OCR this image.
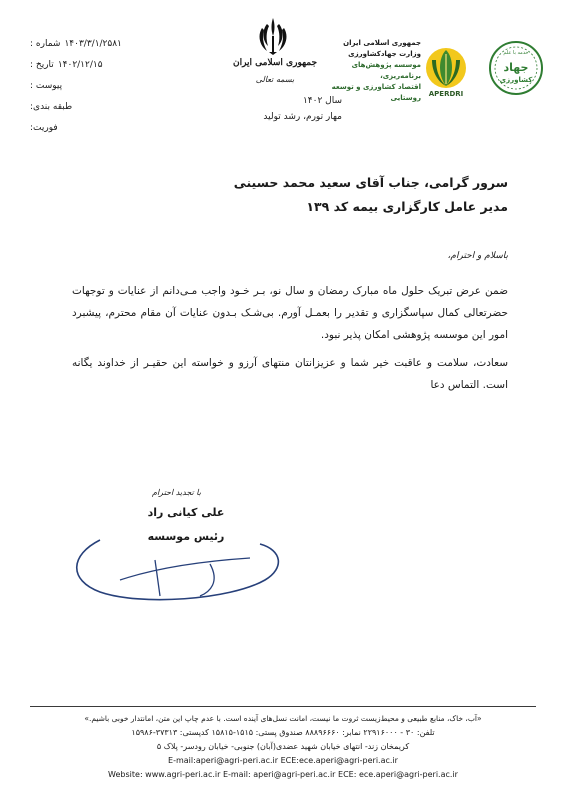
شماره : ۱۴۰۳/۳/۱/۲۵۸۱
تاریخ : ۱۴۰۲/۱۲/۱۵
پیوست :
طبقه بندی:
فوریت:
جمهوری اسلامی ایران
بسمه تعالی
سال ۱۴۰۲
مهار تورم، رشد تولید
جمهوری اسلامی ایران
وزارت جهادکشاورزی
موسسه پژوهش‌های برنامه‌ریزی،
اقتصاد کشاورزی و توسعه روستایی	APERDRI
خدمه با علم
جهاد
کشاورزی
سرور گرامی، جناب آقای سعید محمد حسینی
مدیر عامل کارگزاری بیمه کد ۱۳۹
باسلام و احترام،

ضمن عرض تبریک حلول ماه مبارک رمضان و سال نو، بـر خـود واجب مـی‌دانم از عنایات و توجهات حضرتعالی کمال سپاسگزاری و تقدیر را بعمـل آورم. بی‌شـک بـدون عنایات آن مقام محترم، پیشبرد امور این موسسه پژوهشی امکان پذیر نبود.

سعادت، سلامت و عاقبت خیر شما و عزیزانتان منتهای آرزو و خواسته این حقیـر از خداوند یگانه است. التماس دعا

با تجدید احترام
علی کیانی راد
رئیس موسسه
«آب، خاک، منابع طبیعی و محیط‌زیست ثروت ما نیست، امانت نسل‌های آینده است. با عدم چاپ این متن، امانتدار خوبی باشیم.»
تلفن: ۳۰ - ۲۲۹۱۶۰۰۰ نمابر: ۸۸۸۹۶۶۶۰ صندوق پستی: ۱۵۱۵-۱۵۸۱۵ کدپستی: ۳۷۳۱۳-۱۵۹۸۶
کریمخان زند- انتهای خیابان شهید عضدی(آبان) جنوبی- خیابان رودسر- پلاک ۵
E-mail:aperi@agri-peri.ac.ir ECE:ece.aperi@agri-peri.ac.ir
Website: www.agri-peri.ac.ir E-mail: aperi@agri-peri.ac.ir ECE: ece.aperi@agri-peri.ac.ir
